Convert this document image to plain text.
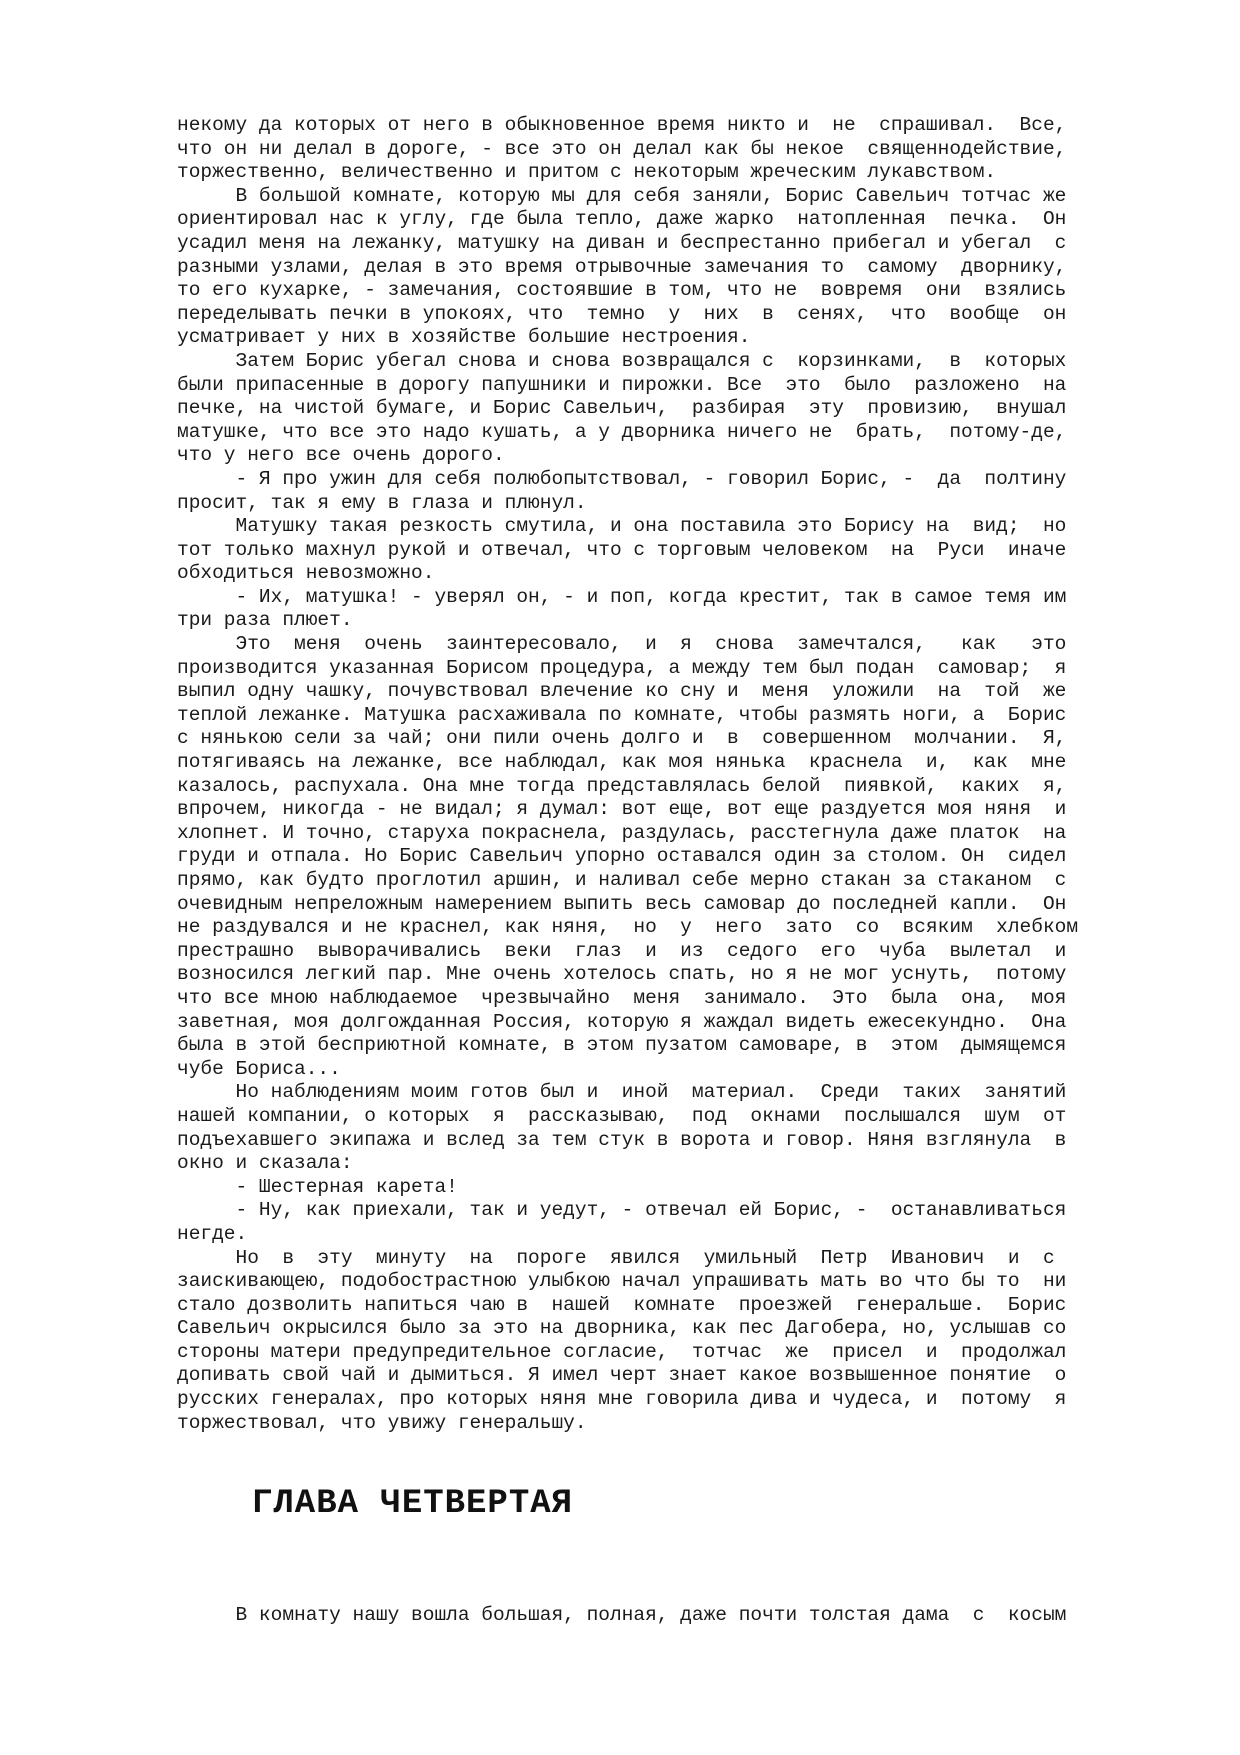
некому да которых от него в обыкновенное время никто и  не  спрашивал.  Все,
что он ни делал в дороге, - все это он делал как бы некое  священнодействие,
торжественно, величественно и притом с некоторым жреческим лукавством.
В большой комнате, которую мы для себя заняли, Борис Савельич тотчас же
ориентировал нас к углу, где была тепло, даже жарко  натопленная  печка.  Он
усадил меня на лежанку, матушку на диван и беспрестанно прибегал и убегал  с
разными узлами, делая в это время отрывочные замечания то  самому  дворнику,
то его кухарке, - замечания, состоявшие в том, что не  вовремя  они  взялись
переделывать печки в упокоях, что  темно  у  них  в  сенях,  что  вообще  он
усматривает у них в хозяйстве большие нестроения.
Затем Борис убегал снова и снова возвращался с  корзинками,  в  которых
были припасенные в дорогу папушники и пирожки. Все  это  было  разложено  на
печке, на чистой бумаге, и Борис Савельич,  разбирая  эту  провизию,  внушал
матушке, что все это надо кушать, а у дворника ничего не  брать,  потому-де,
что у него все очень дорого.
- Я про ужин для себя полюбопытствовал, - говорил Борис, -  да  полтину
просит, так я ему в глаза и плюнул.
Матушку такая резкость смутила, и она поставила это Борису на  вид;  но
тот только махнул рукой и отвечал, что с торговым человеком  на  Руси  иначе
обходиться невозможно.
- Их, матушка! - уверял он, - и поп, когда крестит, так в самое темя им
три раза плюет.
Это  меня  очень  заинтересовало,  и  я  снова  замечтался,   как   это
производится указанная Борисом процедура, а между тем был подан  самовар;  я
выпил одну чашку, почувствовал влечение ко сну и  меня  уложили  на  той  же
теплой лежанке. Матушка расхаживала по комнате, чтобы размять ноги, а  Борис
с нянькою сели за чай; они пили очень долго и  в  совершенном  молчании.  Я,
потягиваясь на лежанке, все наблюдал, как моя нянька  краснела  и,  как  мне
казалось, распухала. Она мне тогда представлялась белой  пиявкой,  каких  я,
впрочем, никогда - не видал; я думал: вот еще, вот еще раздуется моя няня  и
хлопнет. И точно, старуха покраснела, раздулась, расстегнула даже платок  на
груди и отпала. Но Борис Савельич упорно оставался один за столом. Он  сидел
прямо, как будто проглотил аршин, и наливал себе мерно стакан за стаканом  с
очевидным непреложным намерением выпить весь самовар до последней капли.  Он
не раздувался и не краснел, как няня,  но  у  него  зато  со  всяким  хлебком
престрашно  выворачивались  веки  глаз  и  из  седого  его  чуба  вылетал  и
возносился легкий пар. Мне очень хотелось спать, но я не мог уснуть,  потому
что все мною наблюдаемое  чрезвычайно  меня  занимало.  Это  была  она,  моя
заветная, моя долгожданная Россия, которую я жаждал видеть ежесекундно.  Она
была в этой бесприютной комнате, в этом пузатом самоваре, в  этом  дымящемся
чубе Бориса...
Но наблюдениям моим готов был и  иной  материал.  Среди  таких  занятий
нашей компании, о которых  я  рассказываю,  под  окнами  послышался  шум  от
подъехавшего экипажа и вслед за тем стук в ворота и говор. Няня взглянула  в
окно и сказала:
- Шестерная карета!
- Ну, как приехали, так и уедут, - отвечал ей Борис, -  останавливаться
негде.
Но  в  эту  минуту  на  пороге  явился  умильный  Петр  Иванович  и  с
заискивающею, подобострастною улыбкою начал упрашивать мать во что бы то  ни
стало дозволить напиться чаю в  нашей  комнате  проезжей  генеральше.  Борис
Савельич окрысился было за это на дворника, как пес Дагобера, но, услышав со
стороны матери предупредительное согласие,  тотчас  же  присел  и  продолжал
допивать свой чай и дымиться. Я имел черт знает какое возвышенное понятие  о
русских генералах, про которых няня мне говорила дива и чудеса, и  потому  я
торжествовал, что увижу генеральшу.
ГЛАВА ЧЕТВЕРТАЯ
В комнату нашу вошла большая, полная, даже почти толстая дама  с  косым
